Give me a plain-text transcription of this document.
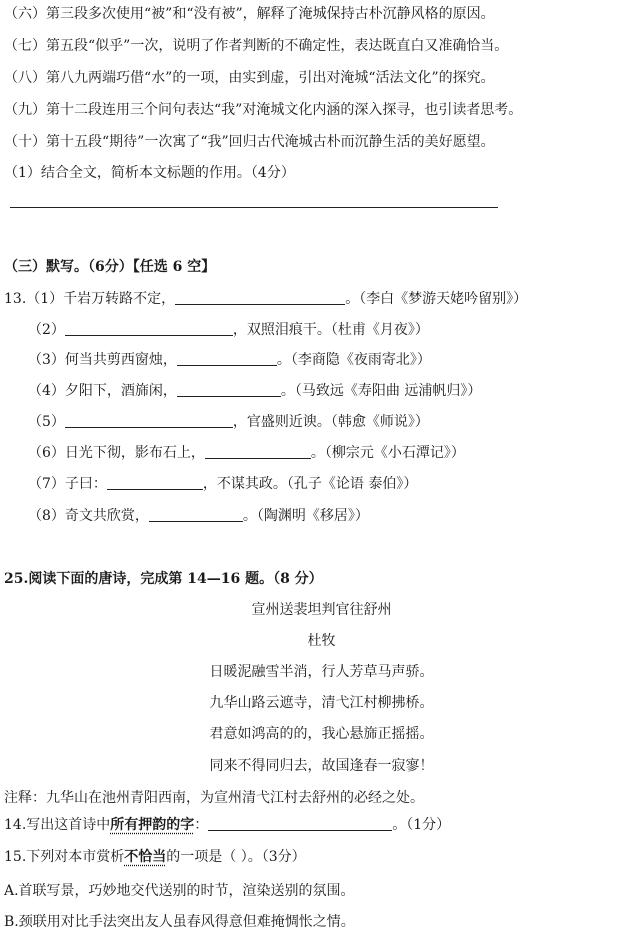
（六）第三段多次使用“被”和“没有被”，解释了淹城保持古朴沉静风格的原因。
（七）第五段“似乎”一次，说明了作者判断的不确定性，表达既直白又准确恰当。
（八）第八九两端巧借“水”的一项，由实到虚，引出对淹城“活法文化”的探究。
（九）第十二段连用三个问句表达“我”对淹城文化内涵的深入探寻，也引读者思考。
（十）第十五段“期待”一次寓了“我”回归古代淹城古朴而沉静生活的美好愿望。
（1）结合全文，简析本文标题的作用。（4分）
（三）默写。（6分）【任选 6 空】
13.（1）千岩万转路不定，	。（李白《梦游天姥吟留别》）
（2）	，双照泪痕干。（杜甫《月夜》）
（3）何当共剪西窗烛，	。（李商隐《夜雨寄北》）
（4）夕阳下，酒旆闲，	。（马致远《寿阳曲 远浦帆归》）
（5）	，官盛则近谀。（韩愈《师说》）
（6）日光下彻，影布石上，	。（柳宗元《小石潭记》）
（7）子曰：	，不谋其政。（孔子《论语 泰伯》）
（8）奇文共欣赏，	。（陶渊明《移居》）
25.阅读下面的唐诗，完成第 14—16 题。（8 分）
宣州送裴坦判官往舒州
杜牧
日暖泥融雪半消，行人芳草马声骄。
九华山路云遮寺，清弋江村柳拂桥。
君意如鸿高的的，我心悬旆正摇摇。
同来不得同归去，故国逢春一寂寥！
注释：九华山在池州青阳西南，为宣州清弋江村去舒州的必经之处。
14.写出这首诗中所有押韵的字：	。（1分）
15.下列对本市赏析不恰当的一项是（ ）。（3分）
A.首联写景，巧妙地交代送别的时节，渲染送别的氛围。
B.颈联用对比手法突出友人虽春风得意但难掩惆怅之情。
